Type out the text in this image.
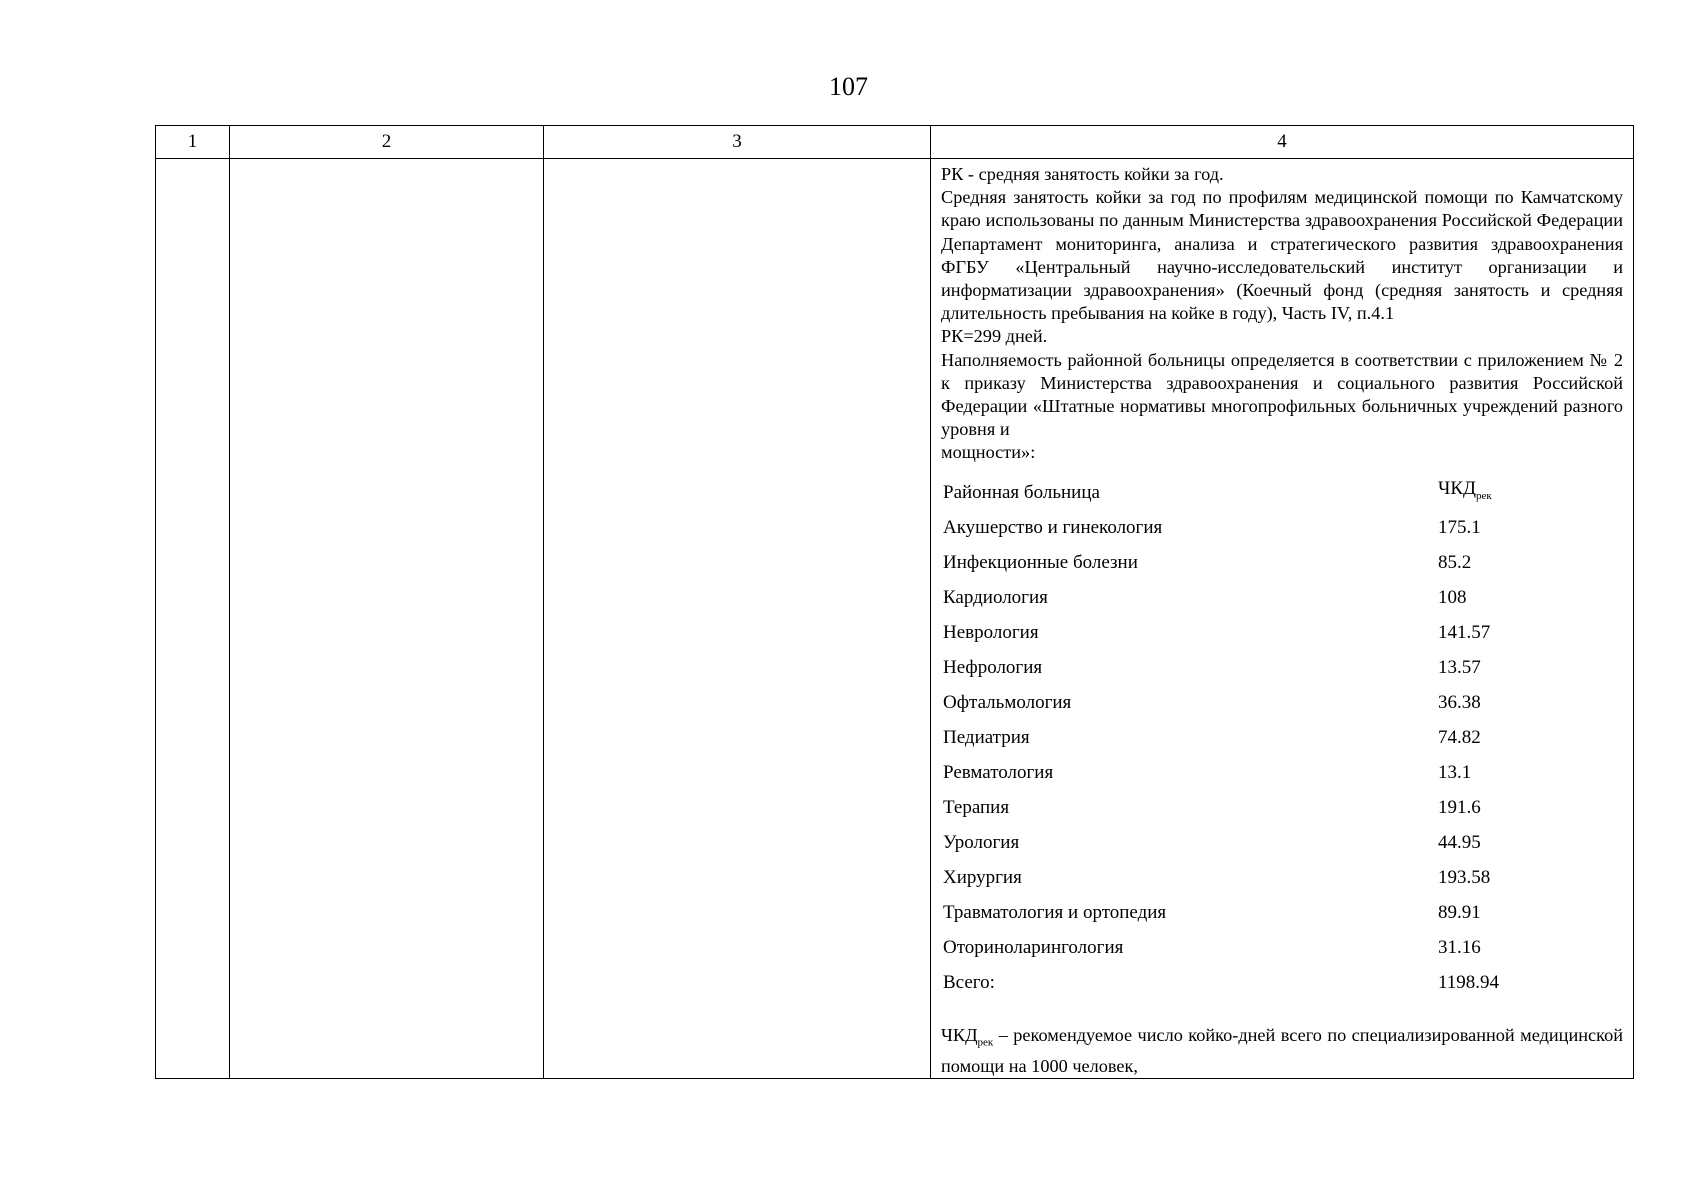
107
1	2	3	4

РК - средняя занятость койки за год.

Средняя занятость койки за год по профилям медицинской помощи по Камчатскому краю использованы по данным Министерства здравоохранения Российской Федерации Департамент мониторинга, анализа и стратегического развития здравоохранения ФГБУ «Центральный научно-исследовательский институт организации и информатизации здравоохранения» (Коечный фонд (средняя занятость и средняя длительность пребывания на койке в году), Часть IV, п.4.1

РК=299 дней.

Наполняемость районной больницы определяется в соответствии с приложением № 2 к приказу Министерства здравоохранения и социального развития Российской Федерации «Штатные нормативы многопрофильных больничных учреждений разного уровня и

мощности»:

Районная больница	$ЧКД_{рек}$
Акушерство и гинекология	175.1
Инфекционные болезни	85.2
Кардиология	108
Неврология	141.57
Нефрология	13.57
Офтальмология	36.38
Педиатрия	74.82
Ревматология	13.1
Терапия	191.6
Урология	44.95
Хирургия	193.58
Травматология и ортопедия	89.91
Оториноларингология	31.16
Всего:	1198.94

$ЧКД_{рек}$ – рекомендуемое число койко-дней всего по специализированной медицинской помощи на 1000 человек,
